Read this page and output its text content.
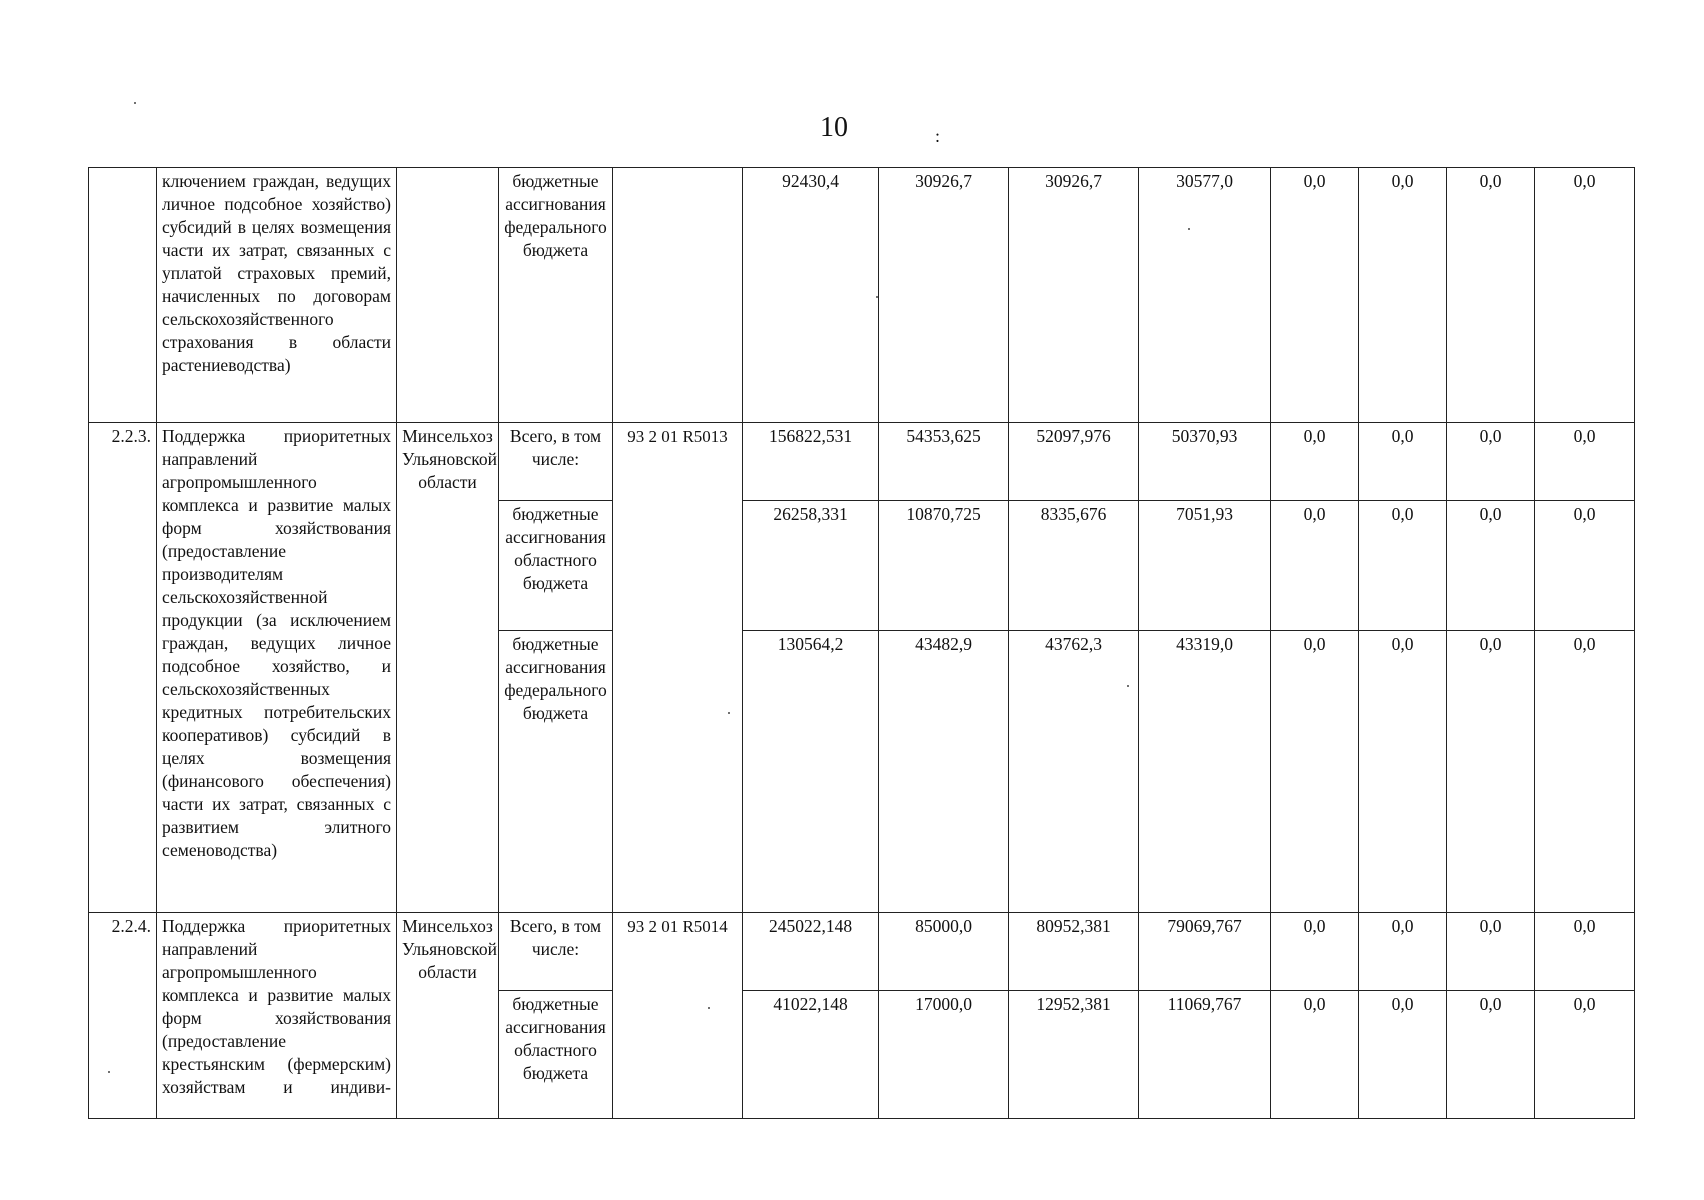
10	:
	ключением граждан, ведущих личное подсобное хозяйство) субсидий в целях возмещения части их затрат, связанных с уплатой страховых премий, начисленных по договорам сельскохозяйственного страхования в области растениеводства)		бюджетные ассигнования федерального бюджета		92430,4	30926,7	30926,7	30577,0	0,0	0,0	0,0	0,0
2.2.3.	Поддержка приоритетных направлений агропромышленного комплекса и развитие малых форм хозяйствования (предоставление производителям сельскохозяйственной продукции (за исключением граждан, ведущих личное подсобное хозяйство, и сельскохозяйственных кредитных потребительских кооперативов) субсидий в целях возмещения (финансового обеспечения) части их затрат, связанных с развитием элитного семеноводства)	Минсельхоз Ульяновской области	Всего, в том числе:	93 2 01 R5013	156822,531	54353,625	52097,976	50370,93	0,0	0,0	0,0	0,0
			бюджетные ассигнования областного бюджета		26258,331	10870,725	8335,676	7051,93	0,0	0,0	0,0	0,0
			бюджетные ассигнования федерального бюджета		130564,2	43482,9	43762,3	43319,0	0,0	0,0	0,0	0,0
2.2.4.	Поддержка приоритетных направлений агропромышленного комплекса и развитие малых форм хозяйствования (предоставление крестьянским (фермерским) хозяйствам и индиви-	Минсельхоз Ульяновской области	Всего, в том числе:	93 2 01 R5014	245022,148	85000,0	80952,381	79069,767	0,0	0,0	0,0	0,0
			бюджетные ассигнования областного бюджета		41022,148	17000,0	12952,381	11069,767	0,0	0,0	0,0	0,0
